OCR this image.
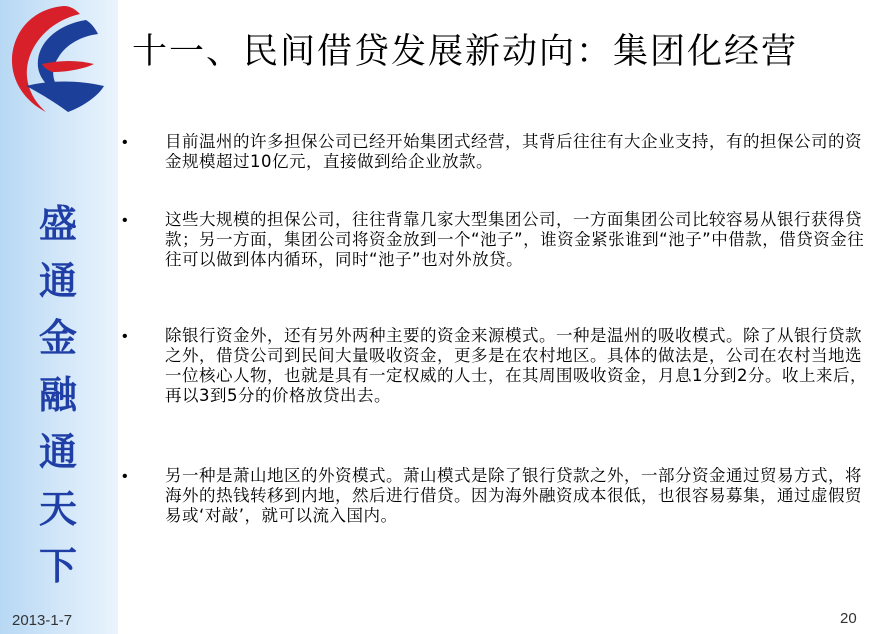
盛
通
金
融
通
天
下
2013-1-7
十一、民间借贷发展新动向：集团化经营
•	目前温州的许多担保公司已经开始集团式经营，其背后往往有大企业支持，有的担保公司的资金规模超过10亿元，直接做到给企业放款。

•	这些大规模的担保公司，往往背靠几家大型集团公司，一方面集团公司比较容易从银行获得贷款；另一方面，集团公司将资金放到一个“池子”，谁资金紧张谁到“池子”中借款，借贷资金往往可以做到体内循环，同时“池子”也对外放贷。

•	除银行资金外，还有另外两种主要的资金来源模式。一种是温州的吸收模式。除了从银行贷款之外，借贷公司到民间大量吸收资金，更多是在农村地区。具体的做法是，公司在农村当地选一位核心人物，也就是具有一定权威的人士，在其周围吸收资金，月息1分到2分。收上来后，再以3到5分的价格放贷出去。

•	另一种是萧山地区的外资模式。萧山模式是除了银行贷款之外，一部分资金通过贸易方式，将海外的热钱转移到内地，然后进行借贷。因为海外融资成本很低，也很容易募集，通过虚假贸易或‘对敲’，就可以流入国内。

20
